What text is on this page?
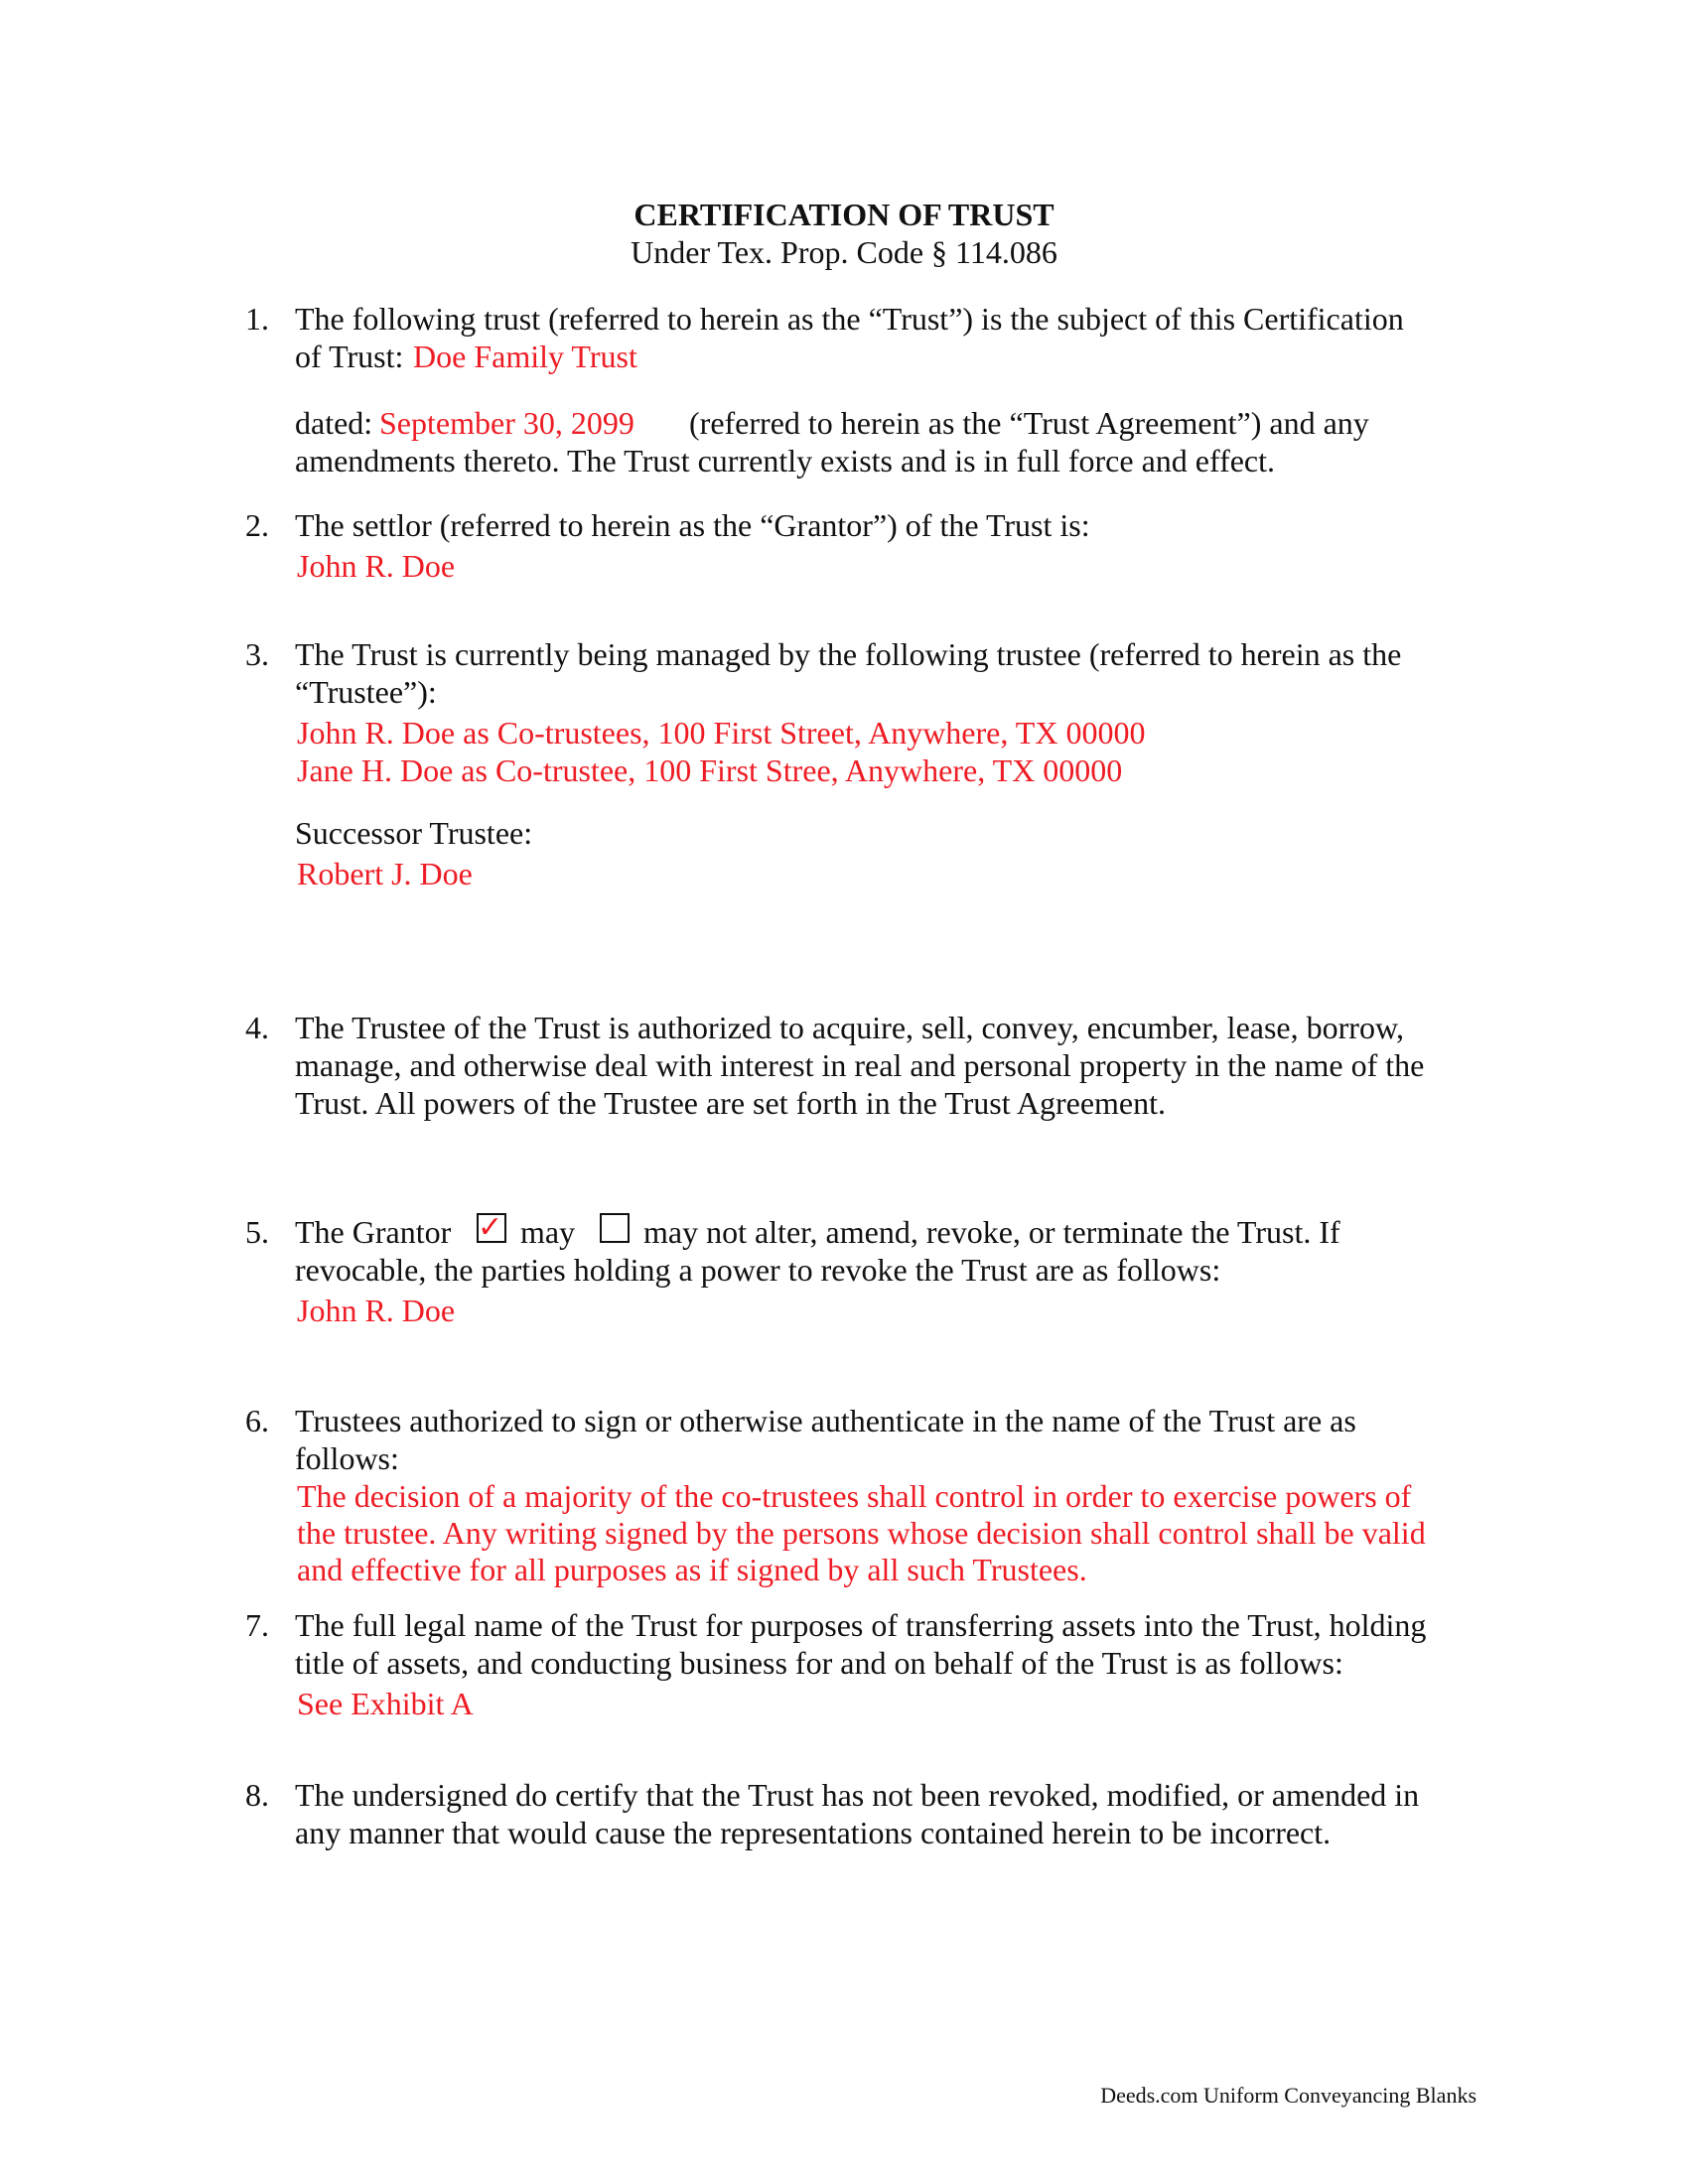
CERTIFICATION OF TRUST
Under Tex. Prop. Code § 114.086
1. The following trust (referred to herein as the “Trust”) is the subject of this Certification
of Trust: Doe Family Trust
dated: September 30, 2099 (referred to herein as the “Trust Agreement”) and any
amendments thereto. The Trust currently exists and is in full force and effect.
2. The settlor (referred to herein as the “Grantor”) of the Trust is:
John R. Doe
3. The Trust is currently being managed by the following trustee (referred to herein as the
“Trustee”):
John R. Doe as Co-trustees, 100 First Street, Anywhere, TX 00000
Jane H. Doe as Co-trustee, 100 First Stree, Anywhere, TX 00000
Successor Trustee:
Robert J. Doe
4. The Trustee of the Trust is authorized to acquire, sell, convey, encumber, lease, borrow,
manage, and otherwise deal with interest in real and personal property in the name of the
Trust. All powers of the Trustee are set forth in the Trust Agreement.
5. The Grantor ✓ may may not alter, amend, revoke, or terminate the Trust. If
revocable, the parties holding a power to revoke the Trust are as follows:
John R. Doe
6. Trustees authorized to sign or otherwise authenticate in the name of the Trust are as
follows:
The decision of a majority of the co-trustees shall control in order to exercise powers of
the trustee. Any writing signed by the persons whose decision shall control shall be valid
and effective for all purposes as if signed by all such Trustees.
7. The full legal name of the Trust for purposes of transferring assets into the Trust, holding
title of assets, and conducting business for and on behalf of the Trust is as follows:
See Exhibit A
8. The undersigned do certify that the Trust has not been revoked, modified, or amended in
any manner that would cause the representations contained herein to be incorrect.
Deeds.com Uniform Conveyancing Blanks
